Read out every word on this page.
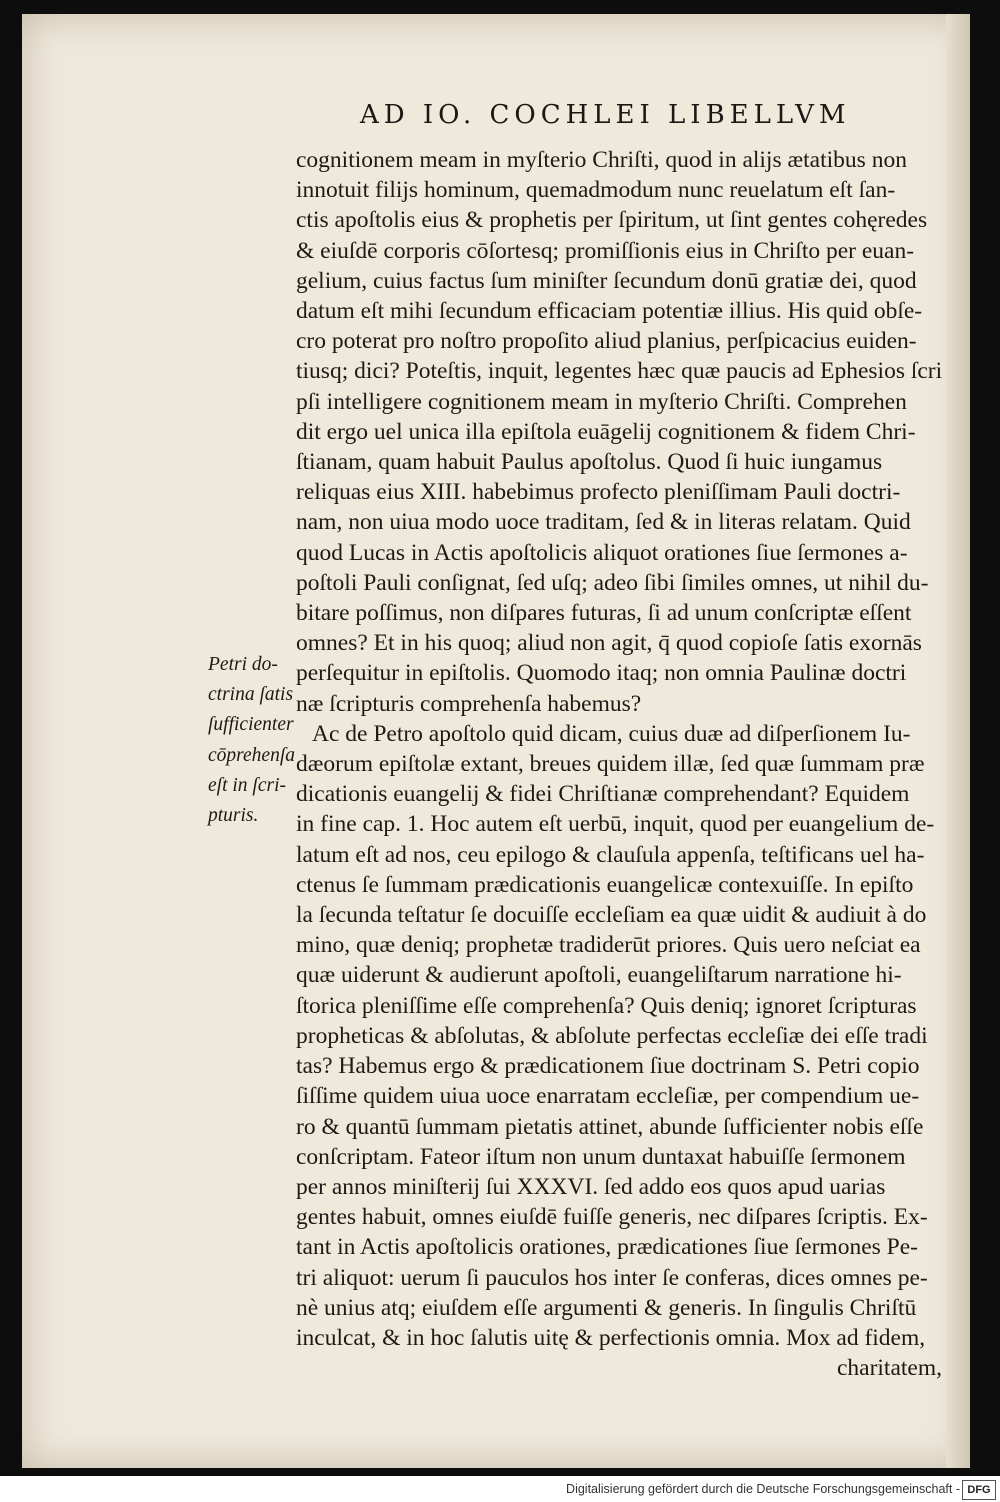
AD IO. COCHLEI LIBELLVM
cognitionem meam in myſterio Chriſti, quod in alijs ætatibus non
innotuit filijs hominum, quemadmodum nunc reuelatum eſt ſan-
ctis apoſtolis eius & prophetis per ſpiritum, ut ſint gentes cohęredes
& eiuſdē corporis cōſortesq; promiſſionis eius in Chriſto per euan-
gelium, cuius factus ſum miniſter ſecundum donū gratiæ dei, quod
datum eſt mihi ſecundum efficaciam potentiæ illius. His quid obſe-
cro poterat pro noſtro propoſito aliud planius, perſpicacius euiden-
tiusq; dici? Poteſtis, inquit, legentes hæc quæ paucis ad Ephesios ſcri
pſi intelligere cognitionem meam in myſterio Chriſti. Comprehen
dit ergo uel unica illa epiſtola euāgelij cognitionem & fidem Chri-
ſtianam, quam habuit Paulus apoſtolus. Quod ſi huic iungamus
reliquas eius XIII. habebimus profecto pleniſſimam Pauli doctri-
nam, non uiua modo uoce traditam, ſed & in literas relatam. Quid
quod Lucas in Actis apoſtolicis aliquot orationes ſiue ſermones a-
poſtoli Pauli conſignat, ſed uſq; adeo ſibi ſimiles omnes, ut nihil du-
bitare poſſimus, non diſpares futuras, ſi ad unum conſcriptæ eſſent
omnes? Et in his quoq; aliud non agit, q̄ quod copioſe ſatis exornās
perſequitur in epiſtolis. Quomodo itaq; non omnia Paulinæ doctri
næ ſcripturis comprehenſa habemus?
Ac de Petro apoſtolo quid dicam, cuius duæ ad diſperſionem Iu-
dæorum epiſtolæ extant, breues quidem illæ, ſed quæ ſummam præ
dicationis euangelij & fidei Chriſtianæ comprehendant? Equidem
in fine cap. 1. Hoc autem eſt uerbū, inquit, quod per euangelium de-
latum eſt ad nos, ceu epilogo & clauſula appenſa, teſtificans uel ha-
ctenus ſe ſummam prædicationis euangelicæ contexuiſſe. In epiſto
la ſecunda teſtatur ſe docuiſſe eccleſiam ea quæ uidit & audiuit à do
mino, quæ deniq; prophetæ tradiderūt priores. Quis uero neſciat ea
quæ uiderunt & audierunt apoſtoli, euangeliſtarum narratione hi-
ſtorica pleniſſime eſſe comprehenſa? Quis deniq; ignoret ſcripturas
propheticas & abſolutas, & abſolute perfectas eccleſiæ dei eſſe tradi
tas? Habemus ergo & prædicationem ſiue doctrinam S. Petri copio
ſiſſime quidem uiua uoce enarratam eccleſiæ, per compendium ue-
ro & quantū ſummam pietatis attinet, abunde ſufficienter nobis eſſe
conſcriptam. Fateor iſtum non unum duntaxat habuiſſe ſermonem
per annos miniſterij ſui XXXVI. ſed addo eos quos apud uarias
gentes habuit, omnes eiuſdē fuiſſe generis, nec diſpares ſcriptis. Ex-
tant in Actis apoſtolicis orationes, prædicationes ſiue ſermones Pe-
tri aliquot: uerum ſi pauculos hos inter ſe conferas, dices omnes pe-
nè unius atq; eiuſdem eſſe argumenti & generis. In ſingulis Chriſtū
inculcat, & in hoc ſalutis uitę & perfectionis omnia. Mox ad fidem,
charitatem,
Petri do-
ctrina ſatis
ſufficienter
cōprehenſa
eſt in ſcri-
pturis.
Digitalisierung gefördert durch die Deutsche Forschungsgemeinschaft - DFG
